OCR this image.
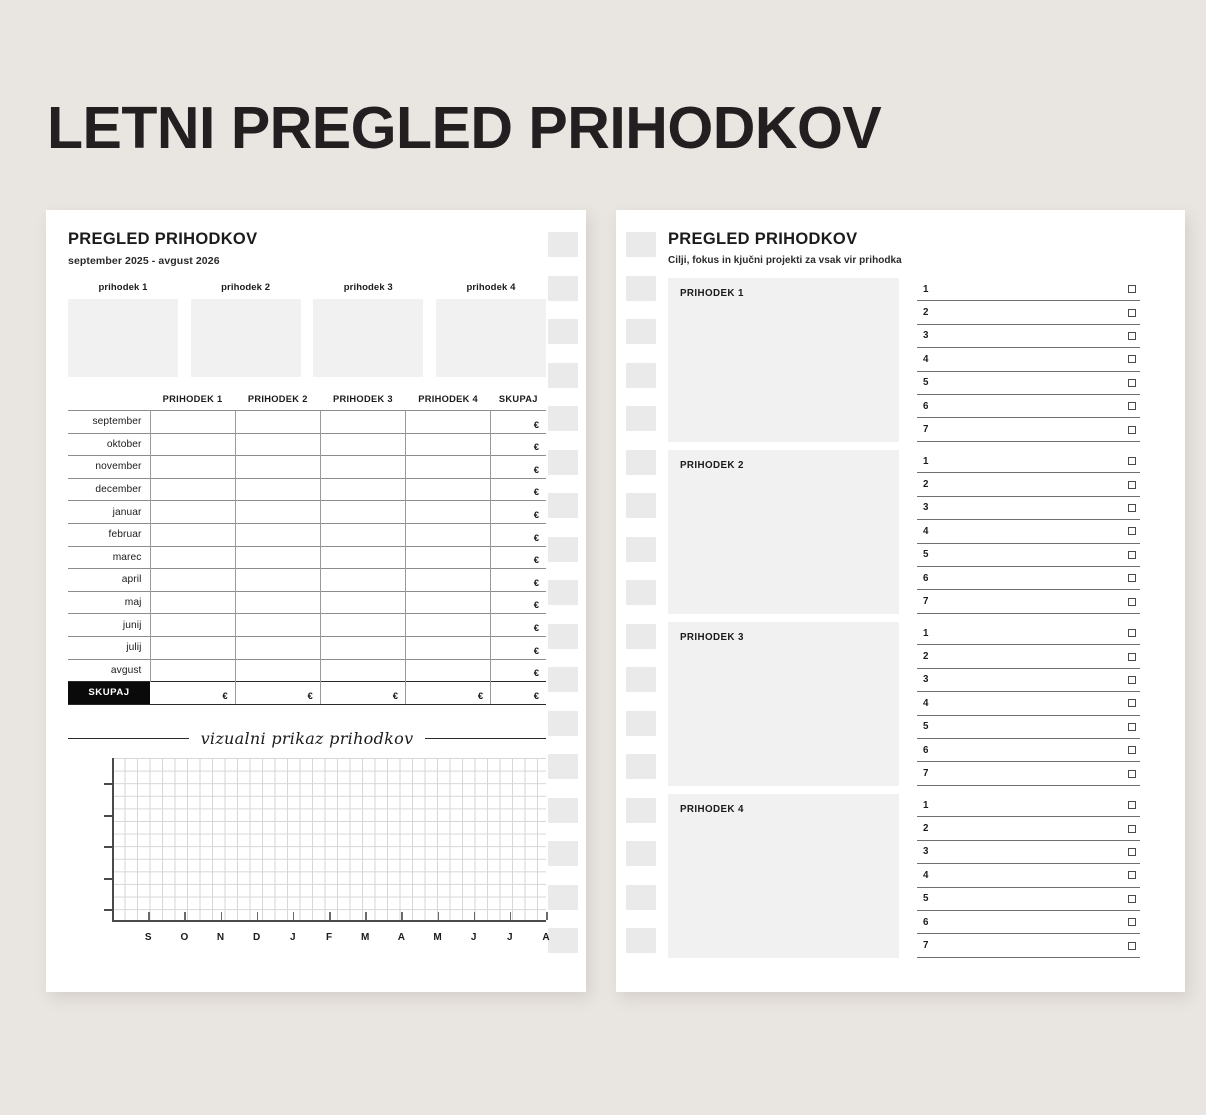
LETNI PREGLED PRIHODKOV
PREGLED PRIHODKOV
september 2025 - avgust 2026
prihodek 1	prihodek 2	prihodek 3	prihodek 4
	PRIHODEK 1	PRIHODEK 2	PRIHODEK 3	PRIHODEK 4	SKUPAJ
september					€
oktober					€
november					€
december					€
januar					€
februar					€
marec					€
april					€
maj					€
junij					€
julij					€
avgust					€
SKUPAJ	€	€	€	€	€
vizualni prikaz prihodkov
S	O	N	D	J	F	M	A	M	J	J	A
PREGLED PRIHODKOV
Cilji, fokus in kjučni projekti za vsak vir prihodka
PRIHODEK 1	1
2
3
4
5
6
7
PRIHODEK 2	1
2
3
4
5
6
7
PRIHODEK 3	1
2
3
4
5
6
7
PRIHODEK 4	1
2
3
4
5
6
7
